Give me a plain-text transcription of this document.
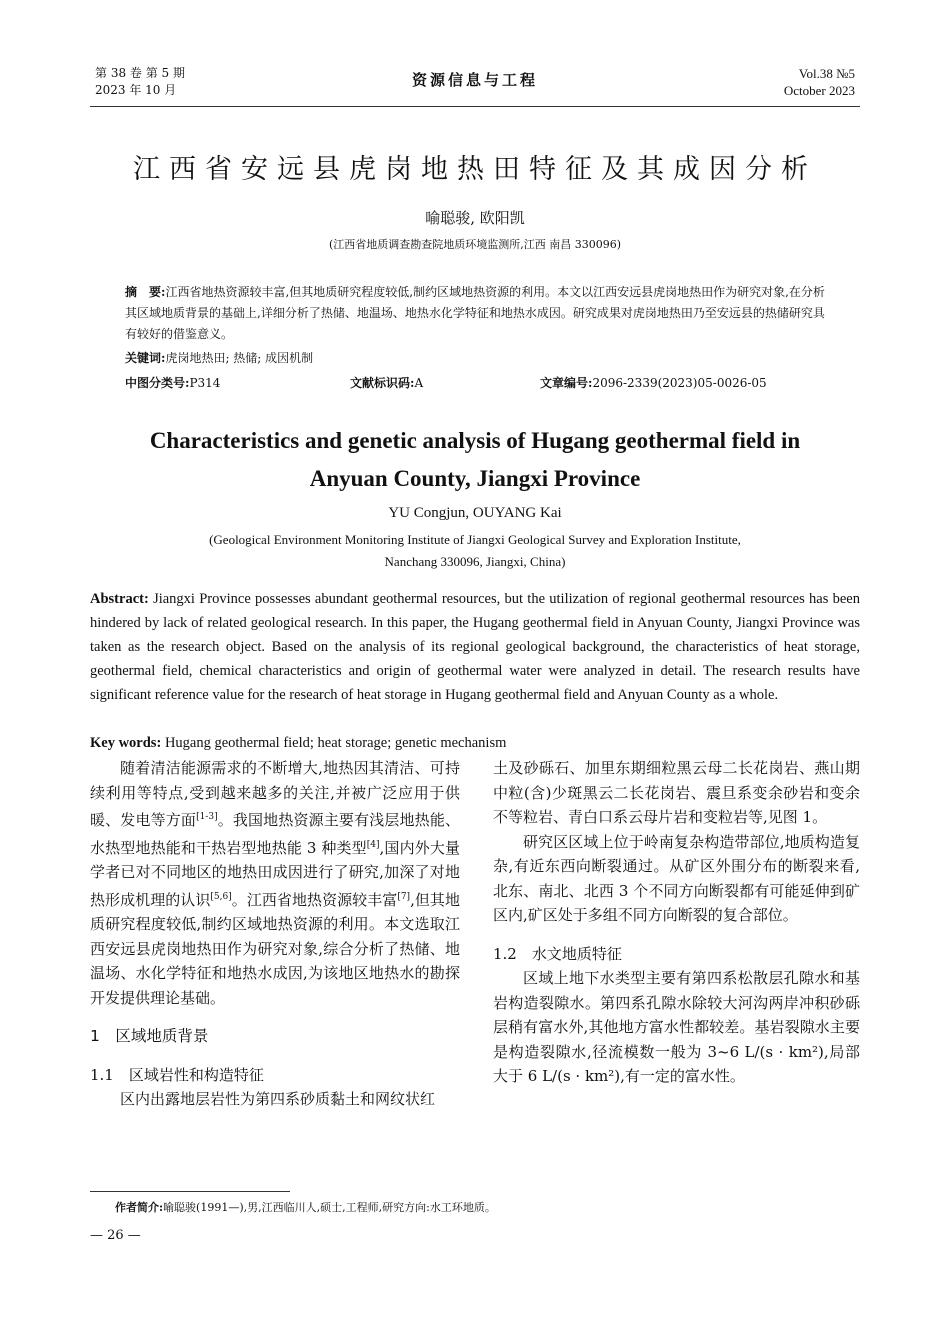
第 38 卷 第 5 期
2023 年 10 月
资源信息与工程	Vol.38 №5
October 2023
江西省安远县虎岗地热田特征及其成因分析
喻聪骏, 欧阳凯
(江西省地质调查勘查院地质环境监测所,江西 南昌 330096)
摘　要:江西省地热资源较丰富,但其地质研究程度较低,制约区域地热资源的利用。本文以江西安远县虎岗地热田作为研究对象,在分析其区域地质背景的基础上,详细分析了热储、地温场、地热水化学特征和地热水成因。研究成果对虎岗地热田乃至安远县的热储研究具有较好的借鉴意义。
关键词:虎岗地热田; 热储; 成因机制
中图分类号:P314	文献标识码:A	文章编号:2096-2339(2023)05-0026-05
Characteristics and genetic analysis of Hugang geothermal field in
Anyuan County, Jiangxi Province
YU Congjun, OUYANG Kai
(Geological Environment Monitoring Institute of Jiangxi Geological Survey and Exploration Institute,
Nanchang 330096, Jiangxi, China)
Abstract: Jiangxi Province possesses abundant geothermal resources, but the utilization of regional geothermal resources has been hindered by lack of related geological research. In this paper, the Hugang geothermal field in Anyuan County, Jiangxi Province was taken as the research object. Based on the analysis of its regional geological background, the characteristics of heat storage, geothermal field, chemical characteristics and origin of geothermal water were analyzed in detail. The research results have significant reference value for the research of heat storage in Hugang geothermal field and Anyuan County as a whole.
Key words: Hugang geothermal field; heat storage; genetic mechanism

随着清洁能源需求的不断增大,地热因其清洁、可持续利用等特点,受到越来越多的关注,并被广泛应用于供暖、发电等方面[1-3]。我国地热资源主要有浅层地热能、水热型地热能和干热岩型地热能 3 种类型[4],国内外大量学者已对不同地区的地热田成因进行了研究,加深了对地热形成机理的认识[5,6]。江西省地热资源较丰富[7],但其地质研究程度较低,制约区域地热资源的利用。本文选取江西安远县虎岗地热田作为研究对象,综合分析了热储、地温场、水化学特征和地热水成因,为该地区地热水的勘探开发提供理论基础。

1　区域地质背景
1.1　区域岩性和构造特征

区内出露地层岩性为第四系砂质黏土和网纹状红

土及砂砾石、加里东期细粒黑云母二长花岗岩、燕山期中粒(含)少斑黑云二长花岗岩、震旦系变余砂岩和变余不等粒岩、青白口系云母片岩和变粒岩等,见图 1。

研究区区域上位于岭南复杂构造带部位,地质构造复杂,有近东西向断裂通过。从矿区外围分布的断裂来看,北东、南北、北西 3 个不同方向断裂都有可能延伸到矿区内,矿区处于多组不同方向断裂的复合部位。

1.2　水文地质特征

区域上地下水类型主要有第四系松散层孔隙水和基岩构造裂隙水。第四系孔隙水除较大河沟两岸冲积砂砾层稍有富水外,其他地方富水性都较差。基岩裂隙水主要是构造裂隙水,径流模数一般为 3~6 L/(s · km²),局部大于 6 L/(s · km²),有一定的富水性。

作者简介:喻聪骏(1991—),男,江西临川人,硕士,工程师,研究方向:水工环地质。
— 26 —
